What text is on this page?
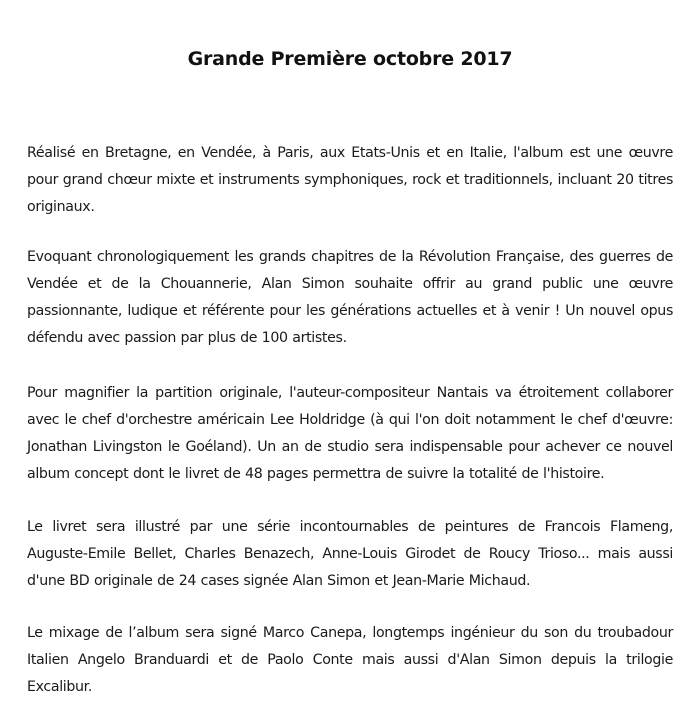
Grande Première octobre 2017

Réalisé en Bretagne, en Vendée, à Paris, aux Etats-Unis et en Italie, l'album est une œuvre pour grand chœur mixte et instruments symphoniques, rock et traditionnels, incluant 20 titres originaux.

Evoquant chronologiquement les grands chapitres de la Révolution Française, des guerres de Vendée et de la Chouannerie, Alan Simon souhaite offrir au grand public une œuvre passionnante, ludique et référente pour les générations actuelles et à venir ! Un nouvel opus défendu avec passion par plus de 100 artistes.

Pour magnifier la partition originale, l'auteur-compositeur Nantais va étroitement collaborer avec le chef d'orchestre américain Lee Holdridge (à qui l'on doit notamment le chef d'œuvre: Jonathan Livingston le Goéland). Un an de studio sera indispensable pour achever ce nouvel album concept dont le livret de 48 pages permettra de suivre la totalité de l'histoire.

Le livret sera illustré par une série incontournables de peintures de Francois Flameng, Auguste-Emile Bellet, Charles Benazech, Anne-Louis Girodet de Roucy Trioso... mais aussi d'une BD originale de 24 cases signée Alan Simon et Jean-Marie Michaud.

Le mixage de l’album sera signé Marco Canepa, longtemps ingénieur du son du troubadour Italien Angelo Branduardi et de Paolo Conte mais aussi d'Alan Simon depuis la trilogie Excalibur.
